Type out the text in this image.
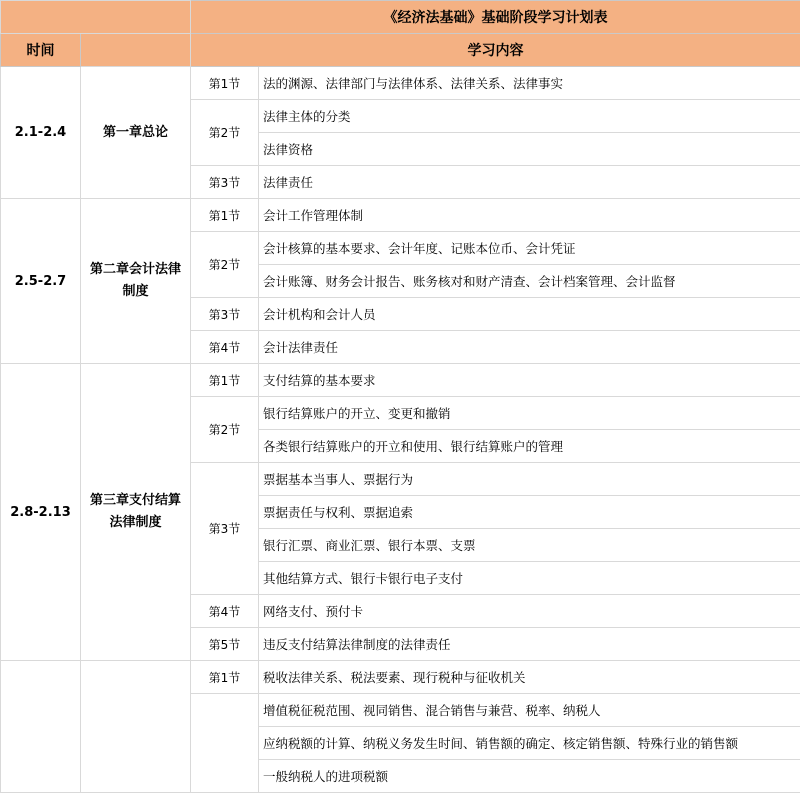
		《经济法基础》基础阶段学习计划表	
时间		学习内容	
2.1-2.4	第一章总论	第1节	法的渊源、法律部门与法律体系、法律关系、法律事实
		第2节	法律主体的分类
			法律资格
		第3节	法律责任
2.5-2.7	第二章会计法律制度	第1节	会计工作管理体制
		第2节	会计核算的基本要求、会计年度、记账本位币、会计凭证
			会计账簿、财务会计报告、账务核对和财产清查、会计档案管理、会计监督
		第3节	会计机构和会计人员
		第4节	会计法律责任
2.8-2.13	第三章支付结算法律制度	第1节	支付结算的基本要求
		第2节	银行结算账户的开立、变更和撤销
			各类银行结算账户的开立和使用、银行结算账户的管理
		第3节	票据基本当事人、票据行为
			票据责任与权利、票据追索
			银行汇票、商业汇票、银行本票、支票
			其他结算方式、银行卡银行电子支付
		第4节	网络支付、预付卡
		第5节	违反支付结算法律制度的法律责任
		第1节	税收法律关系、税法要素、现行税种与征收机关
			增值税征税范围、视同销售、混合销售与兼营、税率、纳税人
			应纳税额的计算、纳税义务发生时间、销售额的确定、核定销售额、特殊行业的销售额
			一般纳税人的进项税额
